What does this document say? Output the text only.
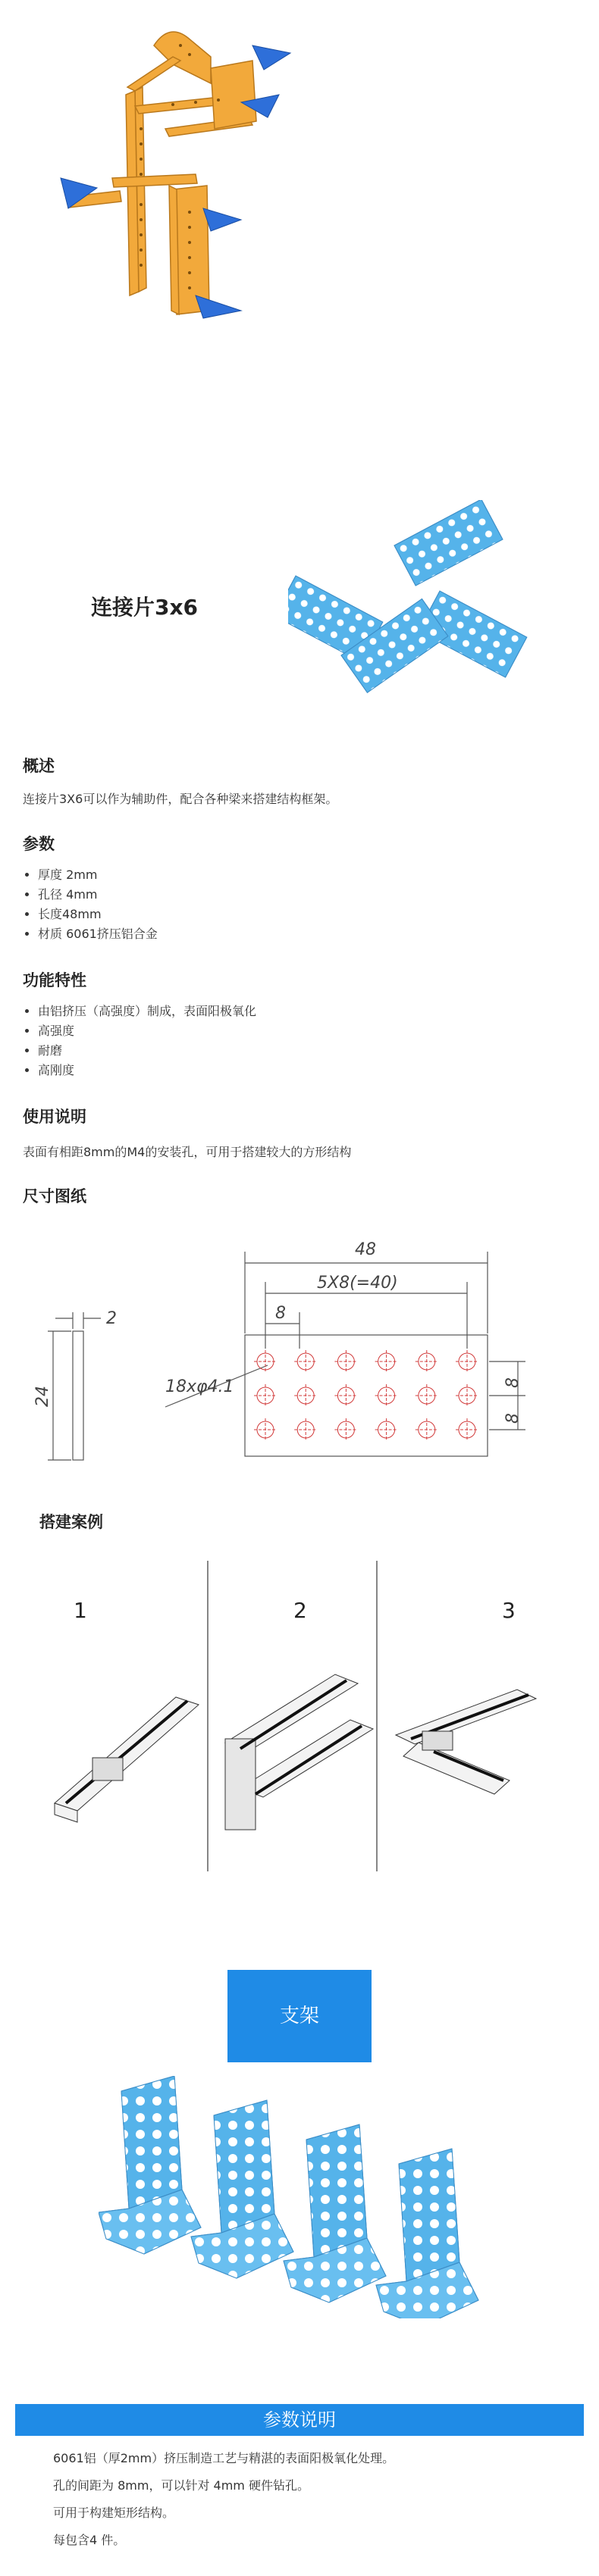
连接片3x6
概述
连接片3X6可以作为辅助件，配合各种梁来搭建结构框架。
参数
• 厚度 2mm
• 孔径 4mm
• 长度48mm
• 材质 6061挤压铝合金
功能特性
• 由铝挤压（高强度）制成，表面阳极氧化
• 高强度
• 耐磨
• 高刚度
使用说明
表面有相距8mm的M4的安装孔，可用于搭建较大的方形结构
尺寸图纸
48
5X8(=40)
8
18xφ4.1
2
24
8
8
搭建案例
1	2	3
支架
参数说明
6061铝（厚2mm）挤压制造工艺与精湛的表面阳极氧化处理。
孔的间距为 8mm，可以针对 4mm 硬件钻孔。
可用于构建矩形结构。
每包含4 件。
